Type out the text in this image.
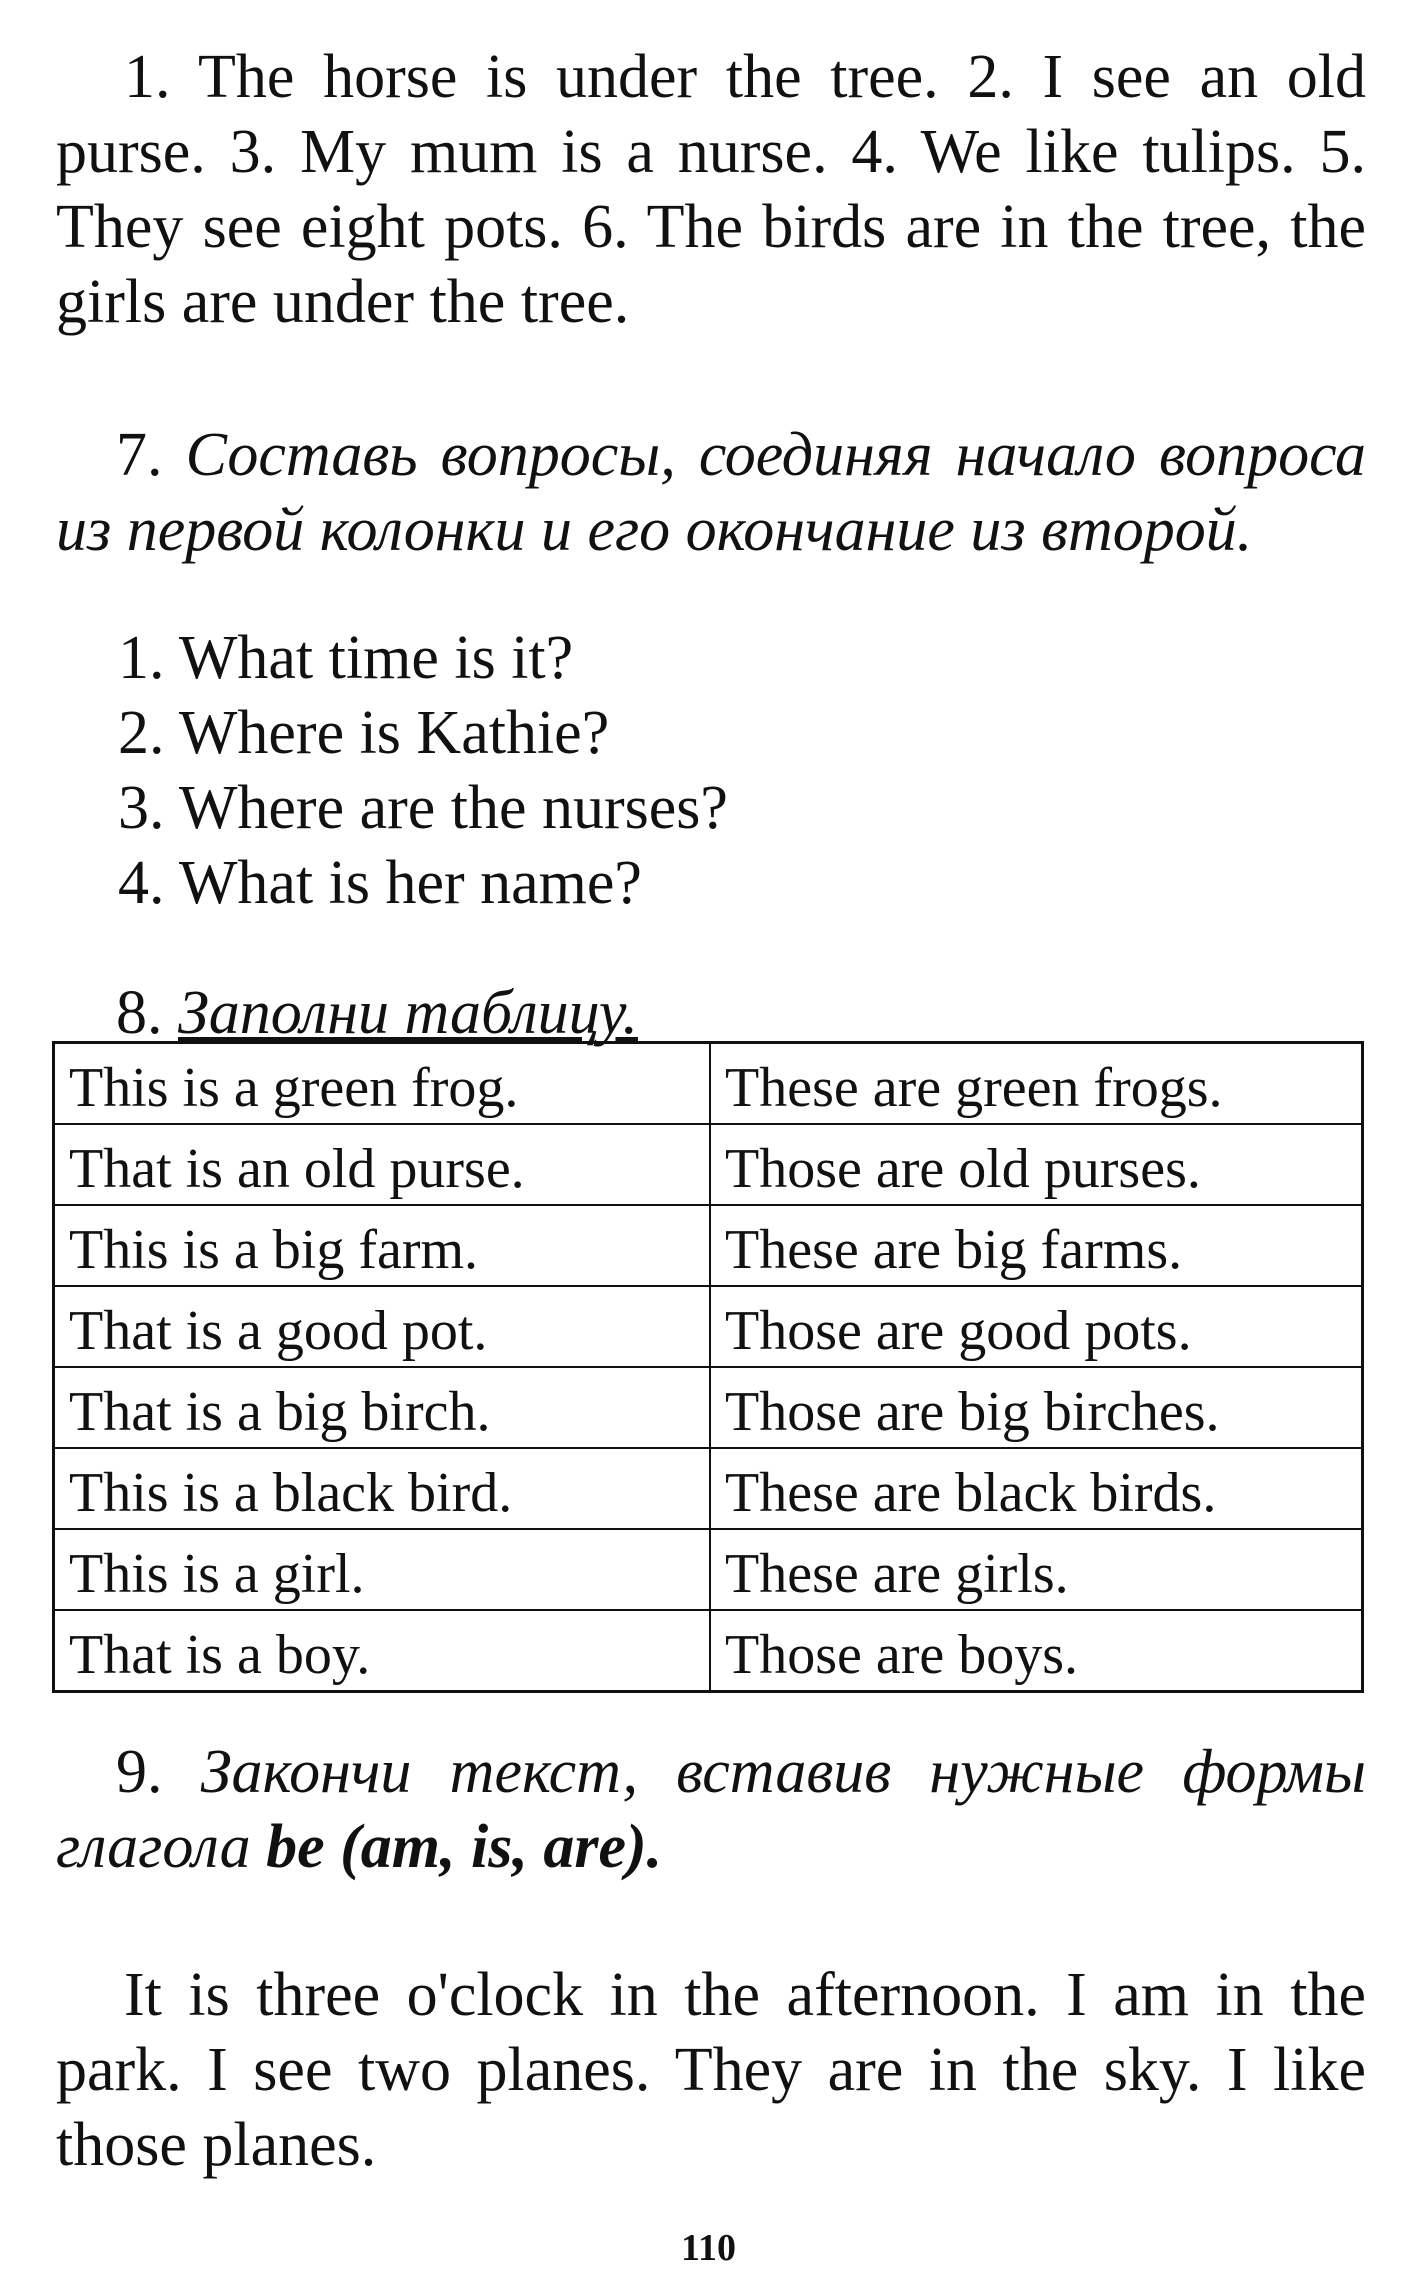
1. The horse is under the tree. 2. I see an old purse. 3. My mum is a nurse. 4. We like tulips. 5. They see eight pots. 6. The birds are in the tree, the girls are under the tree.

7. Составь вопросы, соединяя начало вопроса из первой колонки и его окончание из второй.

1. What time is it?
2. Where is Kathie?
3. Where are the nurses?
4. What is her name?
8. Заполни таблицу.
This is a green frog.	These are green frogs.
That is an old purse.	Those are old purses.
This is a big farm.	These are big farms.
That is a good pot.	Those are good pots.
That is a big birch.	Those are big birches.
This is a black bird.	These are black birds.
This is a girl.	These are girls.
That is a boy.	Those are boys.

9. Закончи текст, вставив нужные формы глагола be (am, is, are).

It is three o'clock in the afternoon. I am in the park. I see two planes. They are in the sky. I like those planes.

110
